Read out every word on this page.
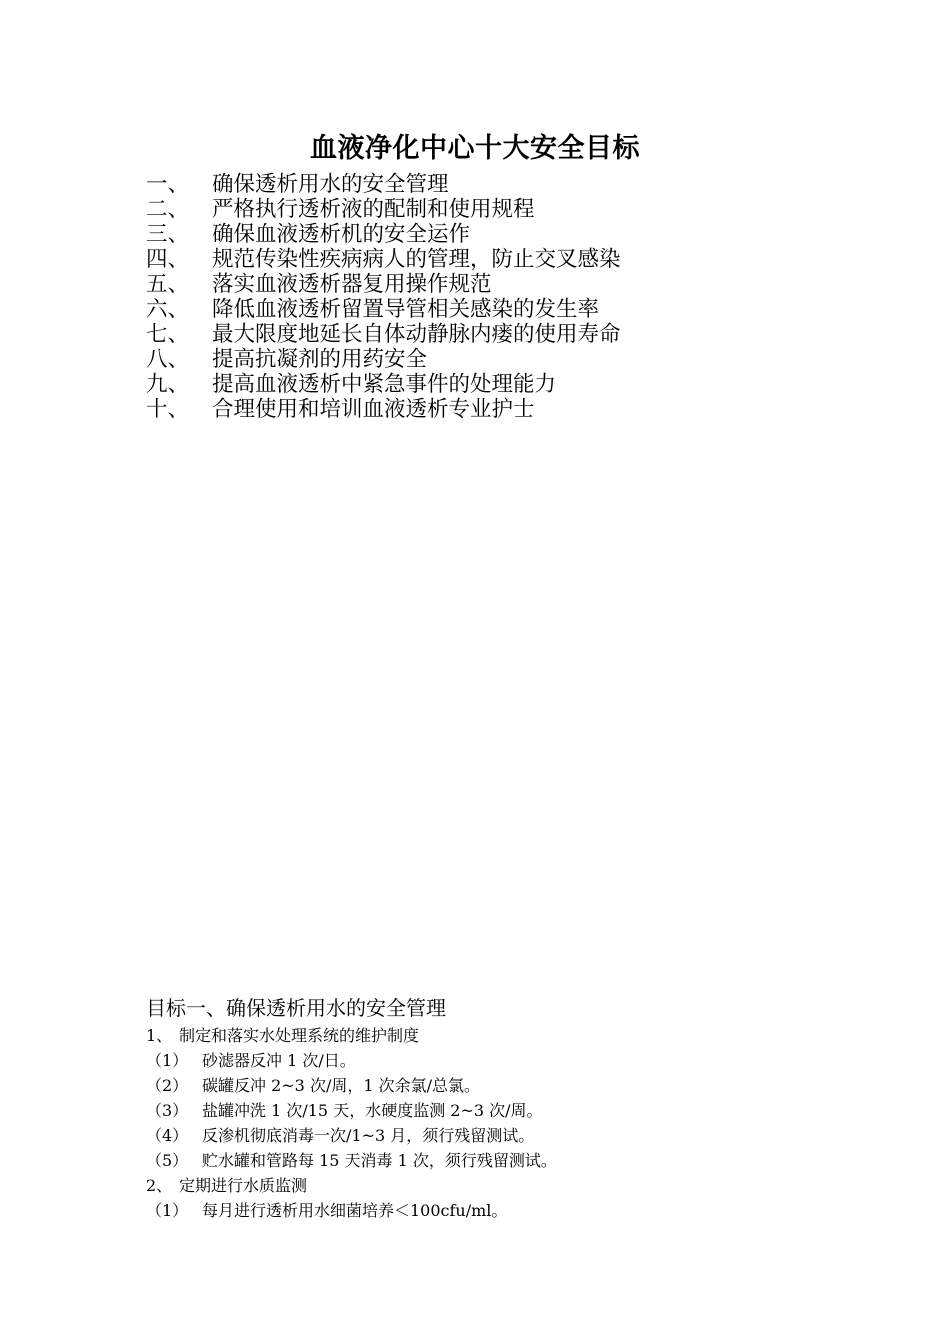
血液净化中心十大安全目标
一、	确保透析用水的安全管理
二、	严格执行透析液的配制和使用规程
三、	确保血液透析机的安全运作
四、	规范传染性疾病病人的管理，防止交叉感染
五、	落实血液透析器复用操作规范
六、	降低血液透析留置导管相关感染的发生率
七、	最大限度地延长自体动静脉内瘘的使用寿命
八、	提高抗凝剂的用药安全
九、	提高血液透析中紧急事件的处理能力
十、	合理使用和培训血液透析专业护士
目标一、确保透析用水的安全管理
1、 制定和落实水处理系统的维护制度
（1） 砂滤器反冲 1 次/日。
（2） 碳罐反冲 2~3 次/周，1 次余氯/总氯。
（3） 盐罐冲洗 1 次/15 天，水硬度监测 2~3 次/周。
（4） 反渗机彻底消毒一次/1~3 月，须行残留测试。
（5） 贮水罐和管路每 15 天消毒 1 次，须行残留测试。
2、 定期进行水质监测
（1） 每月进行透析用水细菌培养＜100cfu/ml。
